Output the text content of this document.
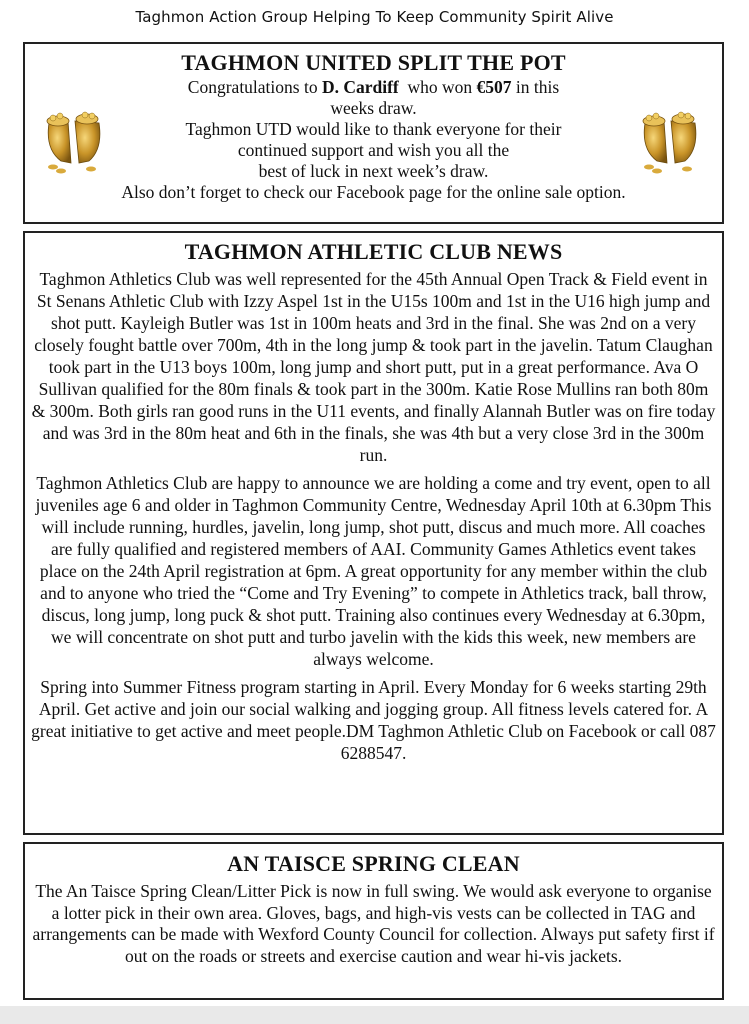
Taghmon Action Group Helping To Keep Community Spirit Alive
TAGHMON UNITED SPLIT THE POT
Congratulations to D. Cardiff  who won €507 in this
weeks draw.
Taghmon UTD would like to thank everyone for their
continued support and wish you all the
best of luck in next week’s draw.
Also don’t forget to check our Facebook page for the online sale option.
TAGHMON ATHLETIC CLUB NEWS
Taghmon Athletics Club was well represented for the 45th Annual Open Track & Field event in St Senans Athletic Club with Izzy Aspel 1st in the U15s 100m and 1st in the U16 high jump and shot putt. Kayleigh Butler was 1st in 100m heats and 3rd in the final. She was 2nd on a very closely fought battle over 700m, 4th in the long jump & took part in the javelin. Tatum Claughan took part in the U13 boys 100m, long jump and short putt, put in a great performance. Ava O Sullivan qualified for the 80m finals & took part in the 300m. Katie Rose Mullins ran both 80m & 300m. Both girls ran good runs in the U11 events, and finally Alannah Butler was on fire today and was 3rd in the 80m heat and 6th in the finals, she was 4th but a very close 3rd in the 300m run.
Taghmon Athletics Club are happy to announce we are holding a come and try event, open to all juveniles age 6 and older in Taghmon Community Centre, Wednesday April 10th at 6.30pm This will include running, hurdles, javelin, long jump, shot putt, discus and much more. All coaches are fully qualified and registered members of AAI. Community Games Athletics event takes place on the 24th April registration at 6pm. A great opportunity for any member within the club and to anyone who tried the “Come and Try Evening” to compete in Athletics track, ball throw, discus, long jump, long puck & shot putt. Training also continues every Wednesday at 6.30pm, we will concentrate on shot putt and turbo javelin with the kids this week, new members are always welcome.
Spring into Summer Fitness program starting in April. Every Monday for 6 weeks starting 29th April. Get active and join our social walking and jogging group. All fitness levels catered for. A great initiative to get active and meet people.DM Taghmon Athletic Club on Facebook or call 087 6288547.
AN TAISCE SPRING CLEAN
The An Taisce Spring Clean/Litter Pick is now in full swing. We would ask everyone to organise a lotter pick in their own area. Gloves, bags, and high-vis vests can be collected in TAG and arrangements can be made with Wexford County Council for collection. Always put safety first if out on the roads or streets and exercise caution and wear hi-vis jackets.
